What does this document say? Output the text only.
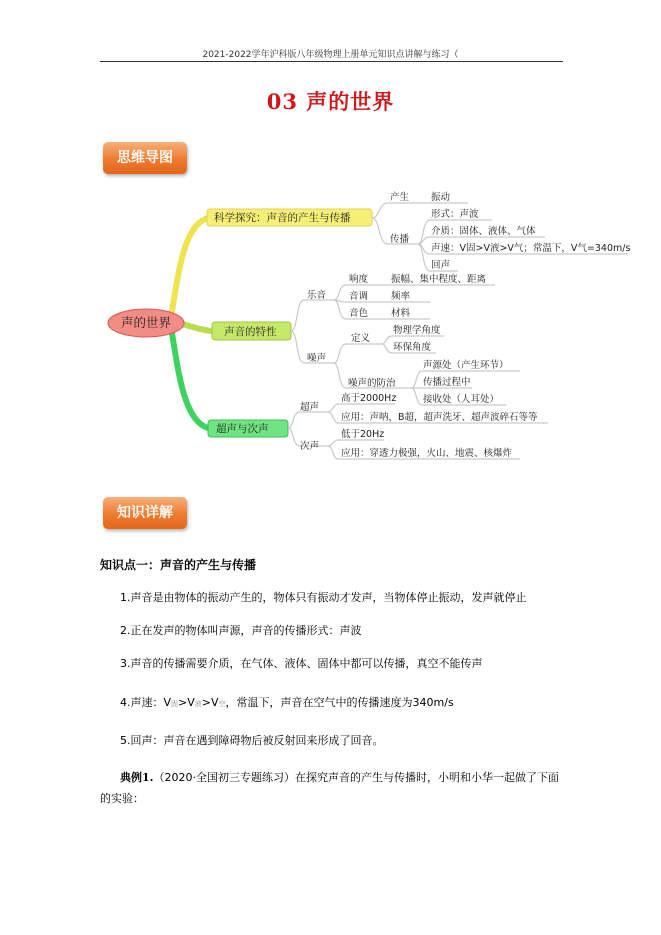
2021-2022学年沪科版八年级物理上册单元知识点讲解与练习（
03 声的世界
思维导图
声的世界
科学探究：声音的产生与传播
产生 振动
传播
形式：声波
介质：固体、液体、气体
声速：V固>V液>V气；常温下，V气=340m/s
回声
声音的特性
乐音
响度 振幅、集中程度、距离
音调 频率
音色 材料
噪声
定义
物理学角度
环保角度
噪声的防治
声源处（产生环节）
传播过程中
接收处（人耳处）
超声与次声
超声
高于2000Hz
应用：声呐，B超，超声洗牙、超声波碎石等等
次声
低于20Hz
应用：穿透力极强，火山、地震、核爆炸
知识详解
知识点一：声音的产生与传播
1.声音是由物体的振动产生的，物体只有振动才发声，当物体停止振动，发声就停止
2.正在发声的物体叫声源，声音的传播形式：声波
3.声音的传播需要介质，在气体、液体、固体中都可以传播，真空不能传声
4.声速：V固>V液>V空，常温下，声音在空气中的传播速度为340m/s
5.回声：声音在遇到障碍物后被反射回来形成了回音。
典例1.（2020·全国初三专题练习）在探究声音的产生与传播时，小明和小华一起做了下面的实验：
